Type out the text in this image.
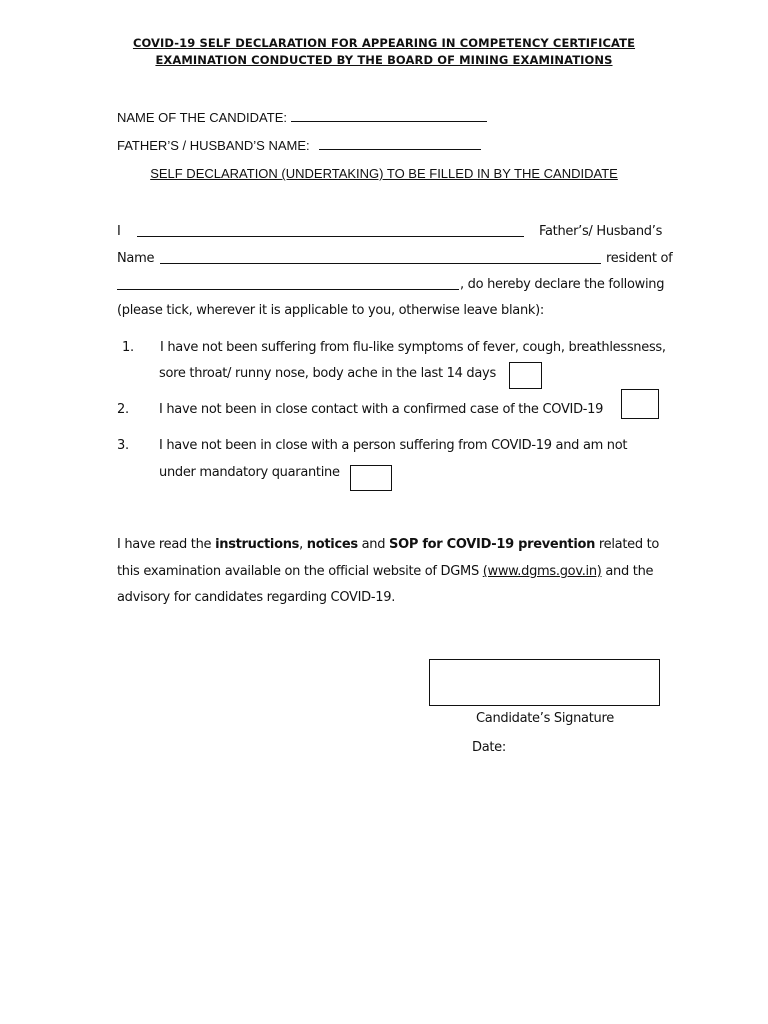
COVID-19 SELF DECLARATION FOR APPEARING IN COMPETENCY CERTIFICATE
EXAMINATION CONDUCTED BY THE BOARD OF MINING EXAMINATIONS
NAME OF THE CANDIDATE:
FATHER’S / HUSBAND’S NAME:
SELF DECLARATION (UNDERTAKING) TO BE FILLED IN BY THE CANDIDATE
I	Father’s/ Husband’s
Name	resident of
, do hereby declare the following
(please tick, wherever it is applicable to you, otherwise leave blank):
1. I have not been suffering from flu-like symptoms of fever, cough, breathlessness,
sore throat/ runny nose, body ache in the last 14 days
2. I have not been in close contact with a confirmed case of the COVID-19
3. I have not been in close with a person suffering from COVID-19 and am not
under mandatory quarantine
I have read the instructions, notices and SOP for COVID-19 prevention related to
this examination available on the official website of DGMS (www.dgms.gov.in) and the
advisory for candidates regarding COVID-19.
Candidate’s Signature
Date:
